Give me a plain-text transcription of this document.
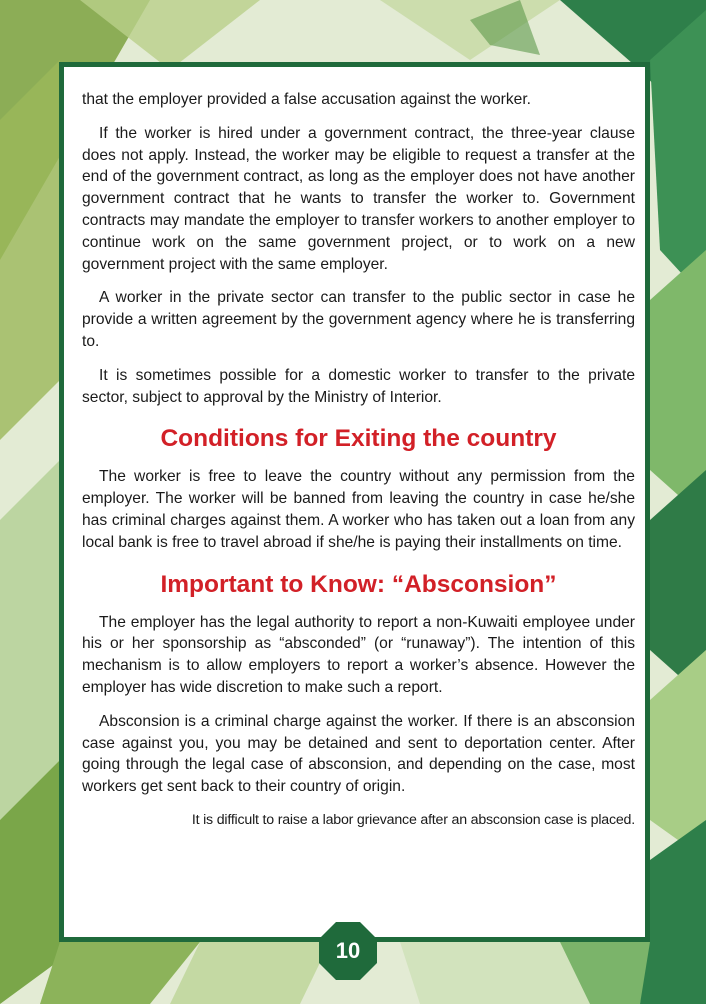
that the employer provided a false accusation against the worker.

If the worker is hired under a government contract, the three-year clause does not apply. Instead, the worker may be eligible to request a transfer at the end of the government contract, as long as the employer does not have another government contract that he wants to transfer the worker to. Government contracts may mandate the employer to transfer workers to another employer to continue work on the same government project, or to work on a new government project with the same employer.

A worker in the private sector can transfer to the public sector in case he provide a written agreement by the government agency where he is transferring to.

It is sometimes possible for a domestic worker to transfer to the private sector, subject to approval by the Ministry of Interior.

Conditions for Exiting the country

The worker is free to leave the country without any permission from the employer. The worker will be banned from leaving the country in case he/she has criminal charges against them. A worker who has taken out a loan from any local bank is free to travel abroad if she/he is paying their installments on time.

Important to Know: “Absconsion”

The employer has the legal authority to report a non-Kuwaiti employee under his or her sponsorship as “absconded” (or “runaway”). The intention of this mechanism is to allow employers to report a worker’s absence. However the employer has wide discretion to make such a report.

Absconsion is a criminal charge against the worker. If there is an absconsion case against you, you may be detained and sent to deportation center. After going through the legal case of absconsion, and depending on the case, most workers get sent back to their country of origin.

It is difficult to raise a labor grievance after an absconsion case is placed.

10
